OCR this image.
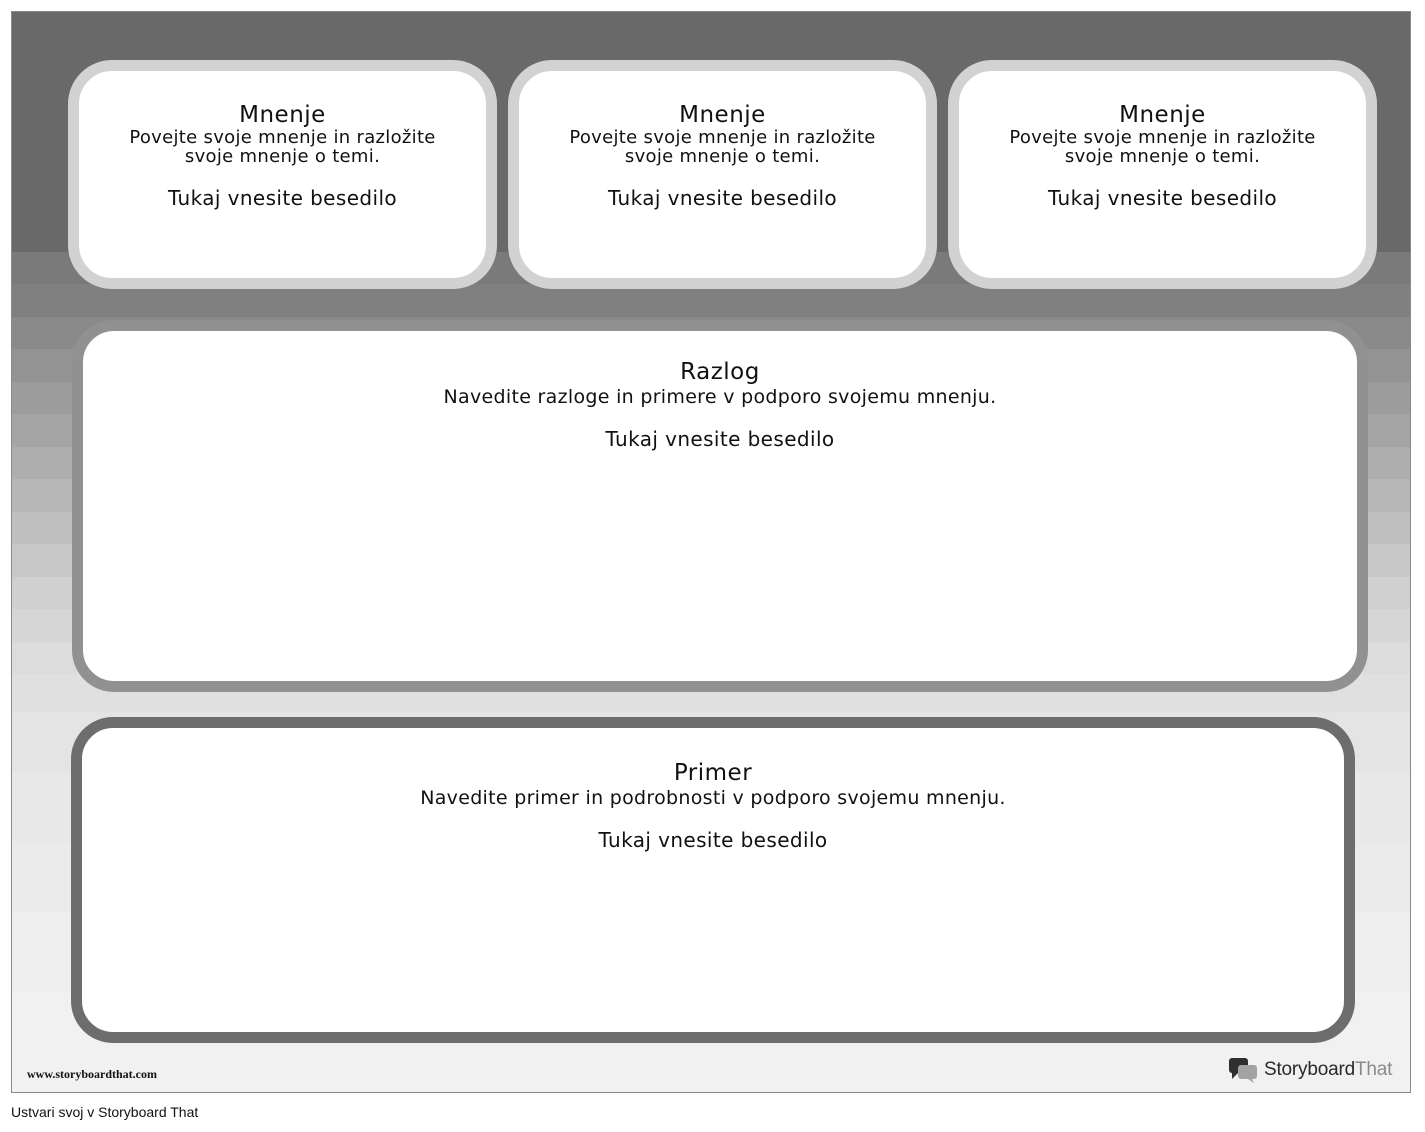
Mnenje
Povejte svoje mnenje in razložite svoje mnenje o temi.
Tukaj vnesite besedilo
Mnenje
Povejte svoje mnenje in razložite svoje mnenje o temi.
Tukaj vnesite besedilo
Mnenje
Povejte svoje mnenje in razložite svoje mnenje o temi.
Tukaj vnesite besedilo
Razlog
Navedite razloge in primere v podporo svojemu mnenju.
Tukaj vnesite besedilo
Primer
Navedite primer in podrobnosti v podporo svojemu mnenju.
Tukaj vnesite besedilo
www.storyboardthat.com	StoryboardThat
Ustvari svoj v Storyboard That
